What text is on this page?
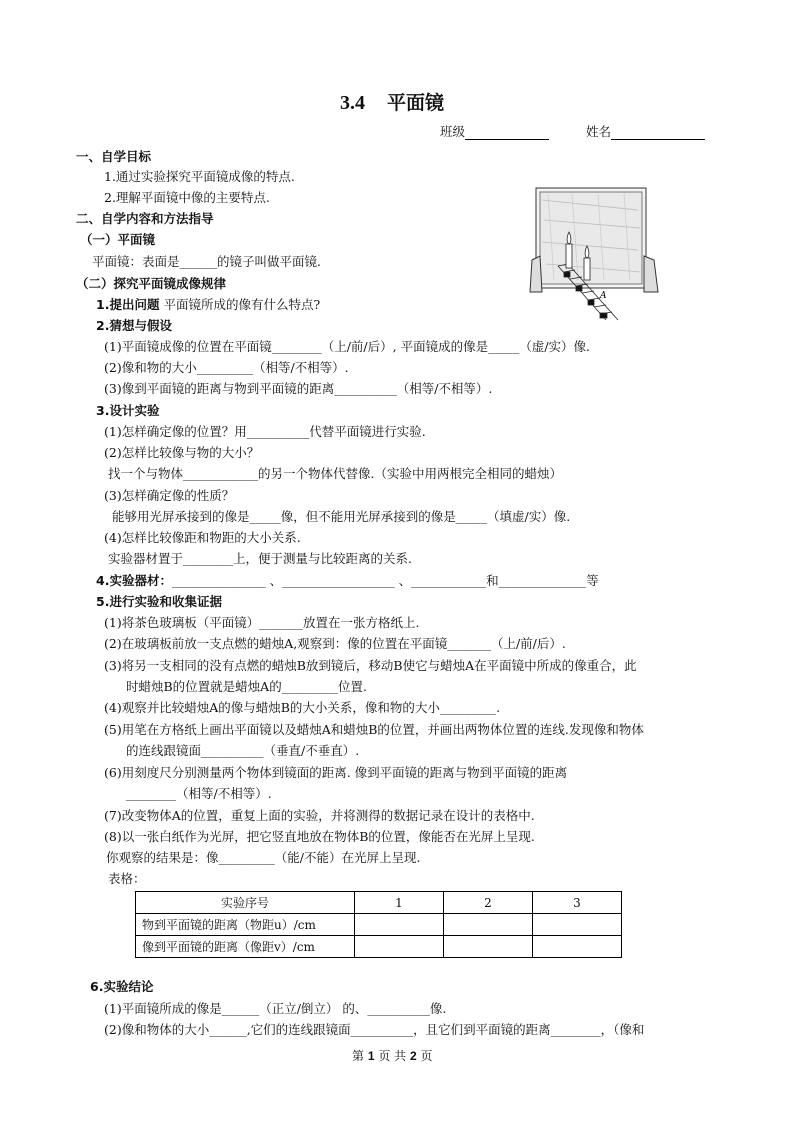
3.4 平面镜
班级	姓名
一、自学目标
1.通过实验探究平面镜成像的特点.
2.理解平面镜中像的主要特点.
二、自学内容和方法指导
（一）平面镜
平面镜：表面是______的镜子叫做平面镜.
（二）探究平面镜成像规律
1.提出问题 平面镜所成的像有什么特点?
2.猜想与假设
(1)平面镜成像的位置在平面镜________（上/前/后）, 平面镜成的像是_____（虚/实）像.
(2)像和物的大小_________（相等/不相等）.
(3)像到平面镜的距离与物到平面镜的距离__________（相等/不相等）.
3.设计实验
(1)怎样确定像的位置？用__________代替平面镜进行实验.
(2)怎样比较像与物的大小？
找一个与物体____________的另一个物体代替像.（实验中用两根完全相同的蜡烛）
(3)怎样确定像的性质？
能够用光屏承接到的像是_____像，但不能用光屏承接到的像是_____（填虚/实）像.
(4)怎样比较像距和物距的大小关系.
实验器材置于________上，便于测量与比较距离的关系.
4.实验器材：_______________ 、__________________ 、____________和______________等
5.进行实验和收集证据
(1)将茶色玻璃板（平面镜）_______放置在一张方格纸上.
(2)在玻璃板前放一支点燃的蜡烛A,观察到：像的位置在平面镜_______（上/前/后）.
(3)将另一支相同的没有点燃的蜡烛B放到镜后，移动B使它与蜡烛A在平面镜中所成的像重合，此
时蜡烛B的位置就是蜡烛A的_________位置.
(4)观察并比较蜡烛A的像与蜡烛B的大小关系，像和物的大小_________.
(5)用笔在方格纸上画出平面镜以及蜡烛A和蜡烛B的位置，并画出两物体位置的连线.发现像和物体
的连线跟镜面__________（垂直/不垂直）.
(6)用刻度尺分别测量两个物体到镜面的距离. 像到平面镜的距离与物到平面镜的距离
________（相等/不相等）.
(7)改变物体A的位置，重复上面的实验，并将测得的数据记录在设计的表格中.
(8)以一张白纸作为光屏，把它竖直地放在物体B的位置，像能否在光屏上呈现.
你观察的结果是：像_________（能/不能）在光屏上呈现.
表格：
实验序号	1	2	3
物到平面镜的距离（物距u）/cm			
像到平面镜的距离（像距v）/cm			
6.实验结论
(1)平面镜所成的像是______（正立/倒立） 的、__________像.
(2)像和物体的大小______,它们的连线跟镜面__________，且它们到平面镜的距离________，（像和
第 1 页 共 2 页
A
